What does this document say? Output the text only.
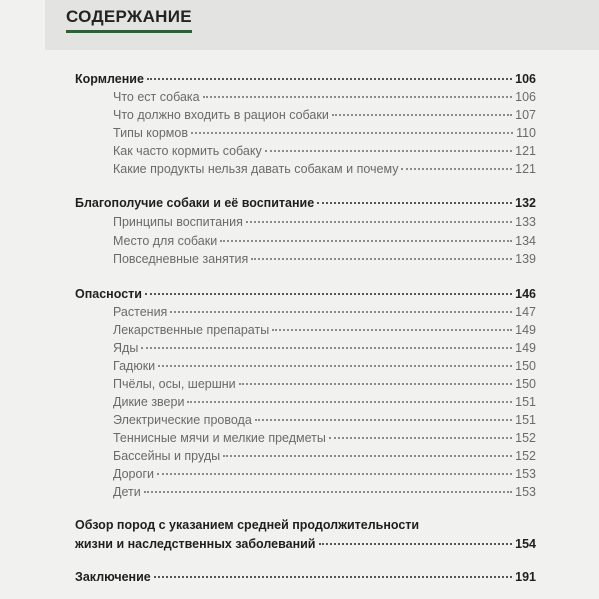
СОДЕРЖАНИЕ
Кормление	106
Что ест собака	106
Что должно входить в рацион собаки	107
Типы кормов	110
Как часто кормить собаку	121
Какие продукты нельзя давать собакам и почему	121
Благополучие собаки и её воспитание	132
Принципы воспитания	133
Место для собаки	134
Повседневные занятия	139
Опасности	146
Растения	147
Лекарственные препараты	149
Яды	149
Гадюки	150
Пчёлы, осы, шершни	150
Дикие звери	151
Электрические провода	151
Теннисные мячи и мелкие предметы	152
Бассейны и пруды	152
Дороги	153
Дети	153
Обзор пород с указанием средней продолжительности
жизни и наследственных заболеваний	154
Заключение	191
